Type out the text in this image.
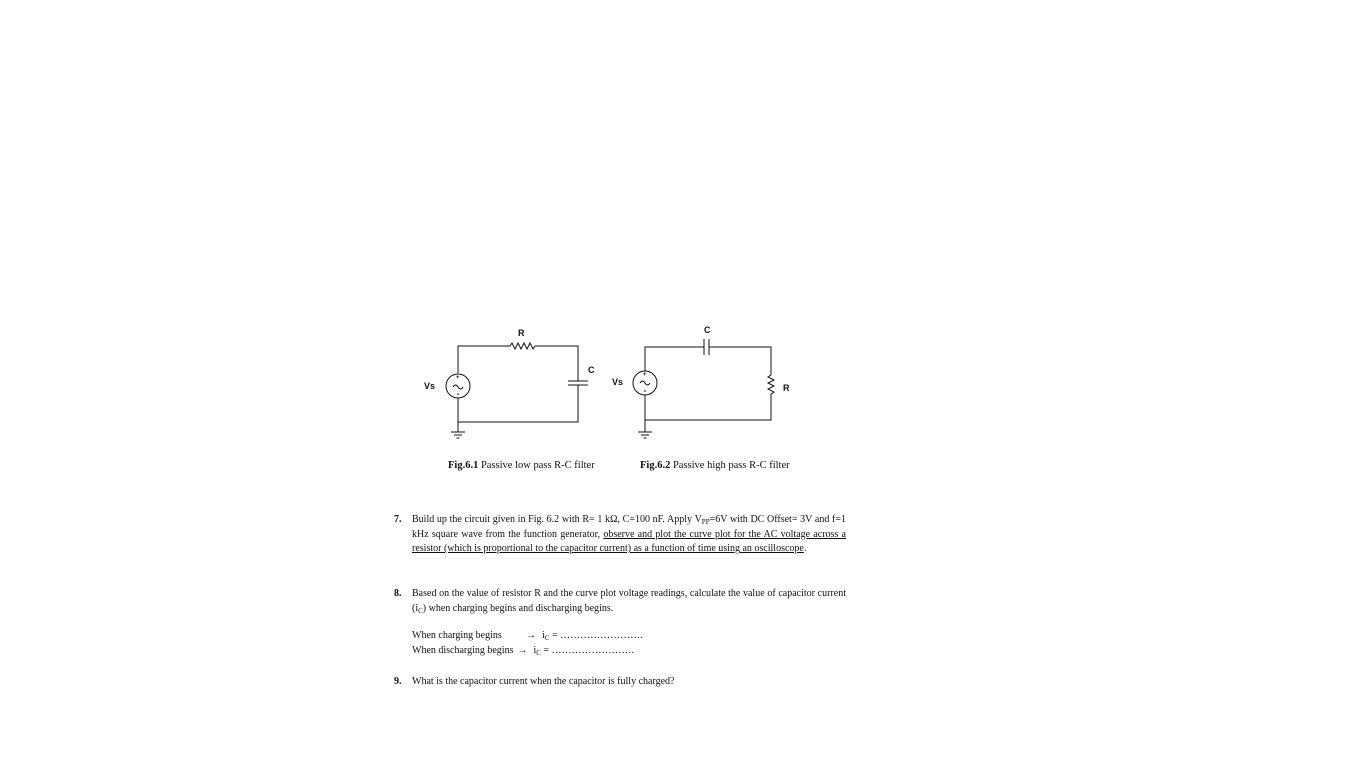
+
R
C
Vs
+
C
R
Vs
Fig.6.1 Passive low pass R-C filter	Fig.6.2 Passive high pass R-C filter
7. Build up the circuit given in Fig. 6.2 with R= 1 kΩ, C=100 nF. Apply $V_{PP}=6V$ with DC Offset= 3V and f=1 kHz square wave from the function generator, observe and plot the curve plot for the AC voltage across a resistor (which is proportional to the capacitor current) as a function of time using an oscilloscope.
8. Based on the value of resistor R and the curve plot voltage readings, calculate the value of capacitor current $(i_C)$ when charging begins and discharging begins.
When charging begins → $i_C$ = …………………….
When discharging begins → $i_C$ = …………………….
9. What is the capacitor current when the capacitor is fully charged?
